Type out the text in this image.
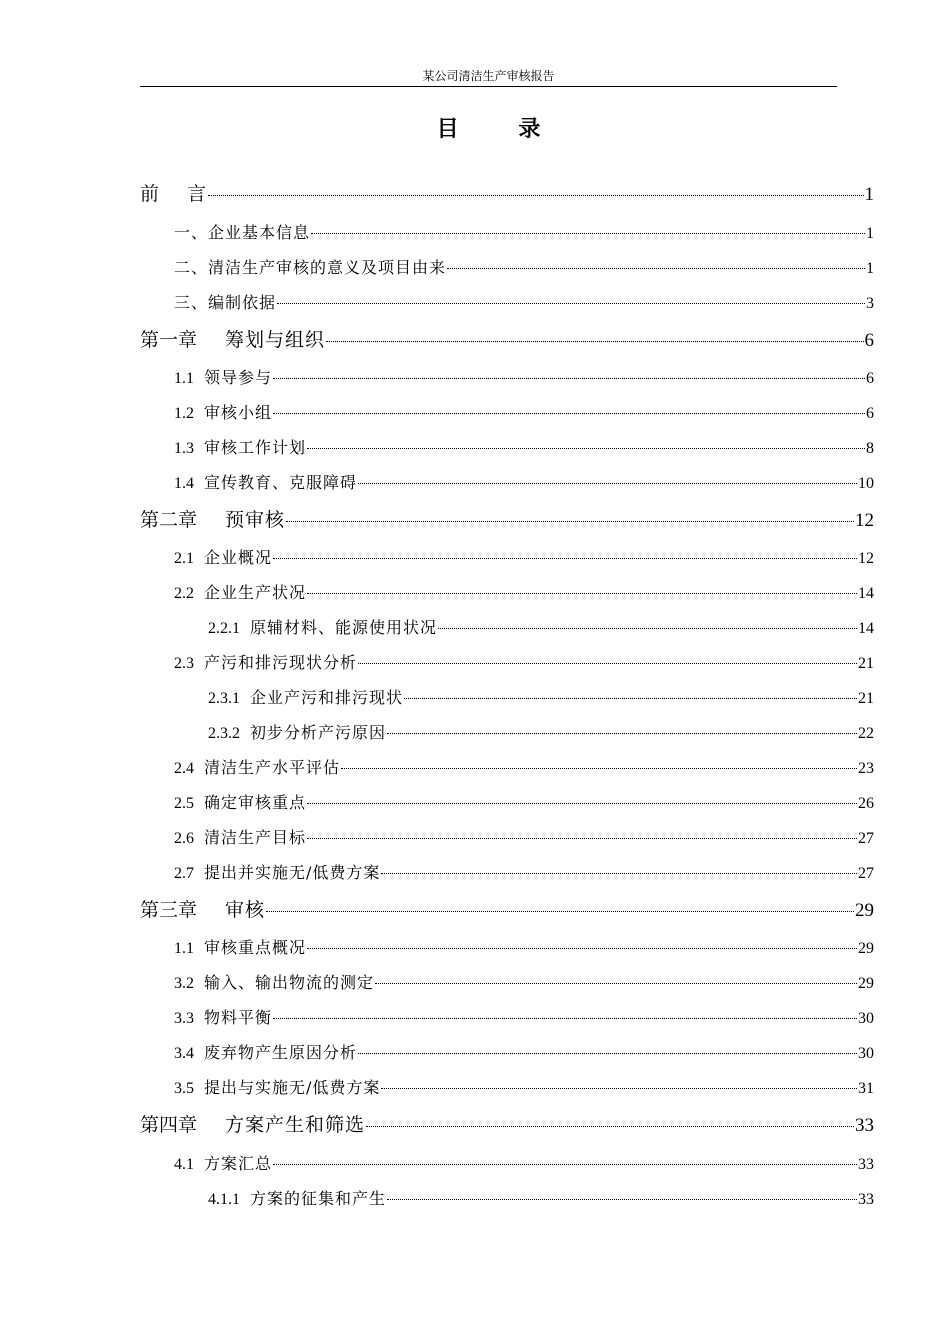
某公司清洁生产审核报告
目 录
前 言	1
一、企业基本信息	1
二、清洁生产审核的意义及项目由来	1
三、编制依据	3
第一章 筹划与组织	6
1.1 领导参与	6
1.2 审核小组	6
1.3 审核工作计划	8
1.4 宣传教育、克服障碍	10
第二章 预审核	12
2.1 企业概况	12
2.2 企业生产状况	14
2.2.1 原辅材料、能源使用状况	14
2.3 产污和排污现状分析	21
2.3.1 企业产污和排污现状	21
2.3.2 初步分析产污原因	22
2.4 清洁生产水平评估	23
2.5 确定审核重点	26
2.6 清洁生产目标	27
2.7 提出并实施无/低费方案	27
第三章 审核	29
1.1 审核重点概况	29
3.2 输入、输出物流的测定	29
3.3 物料平衡	30
3.4 废弃物产生原因分析	30
3.5 提出与实施无/低费方案	31
第四章 方案产生和筛选	33
4.1 方案汇总	33
4.1.1 方案的征集和产生	33
